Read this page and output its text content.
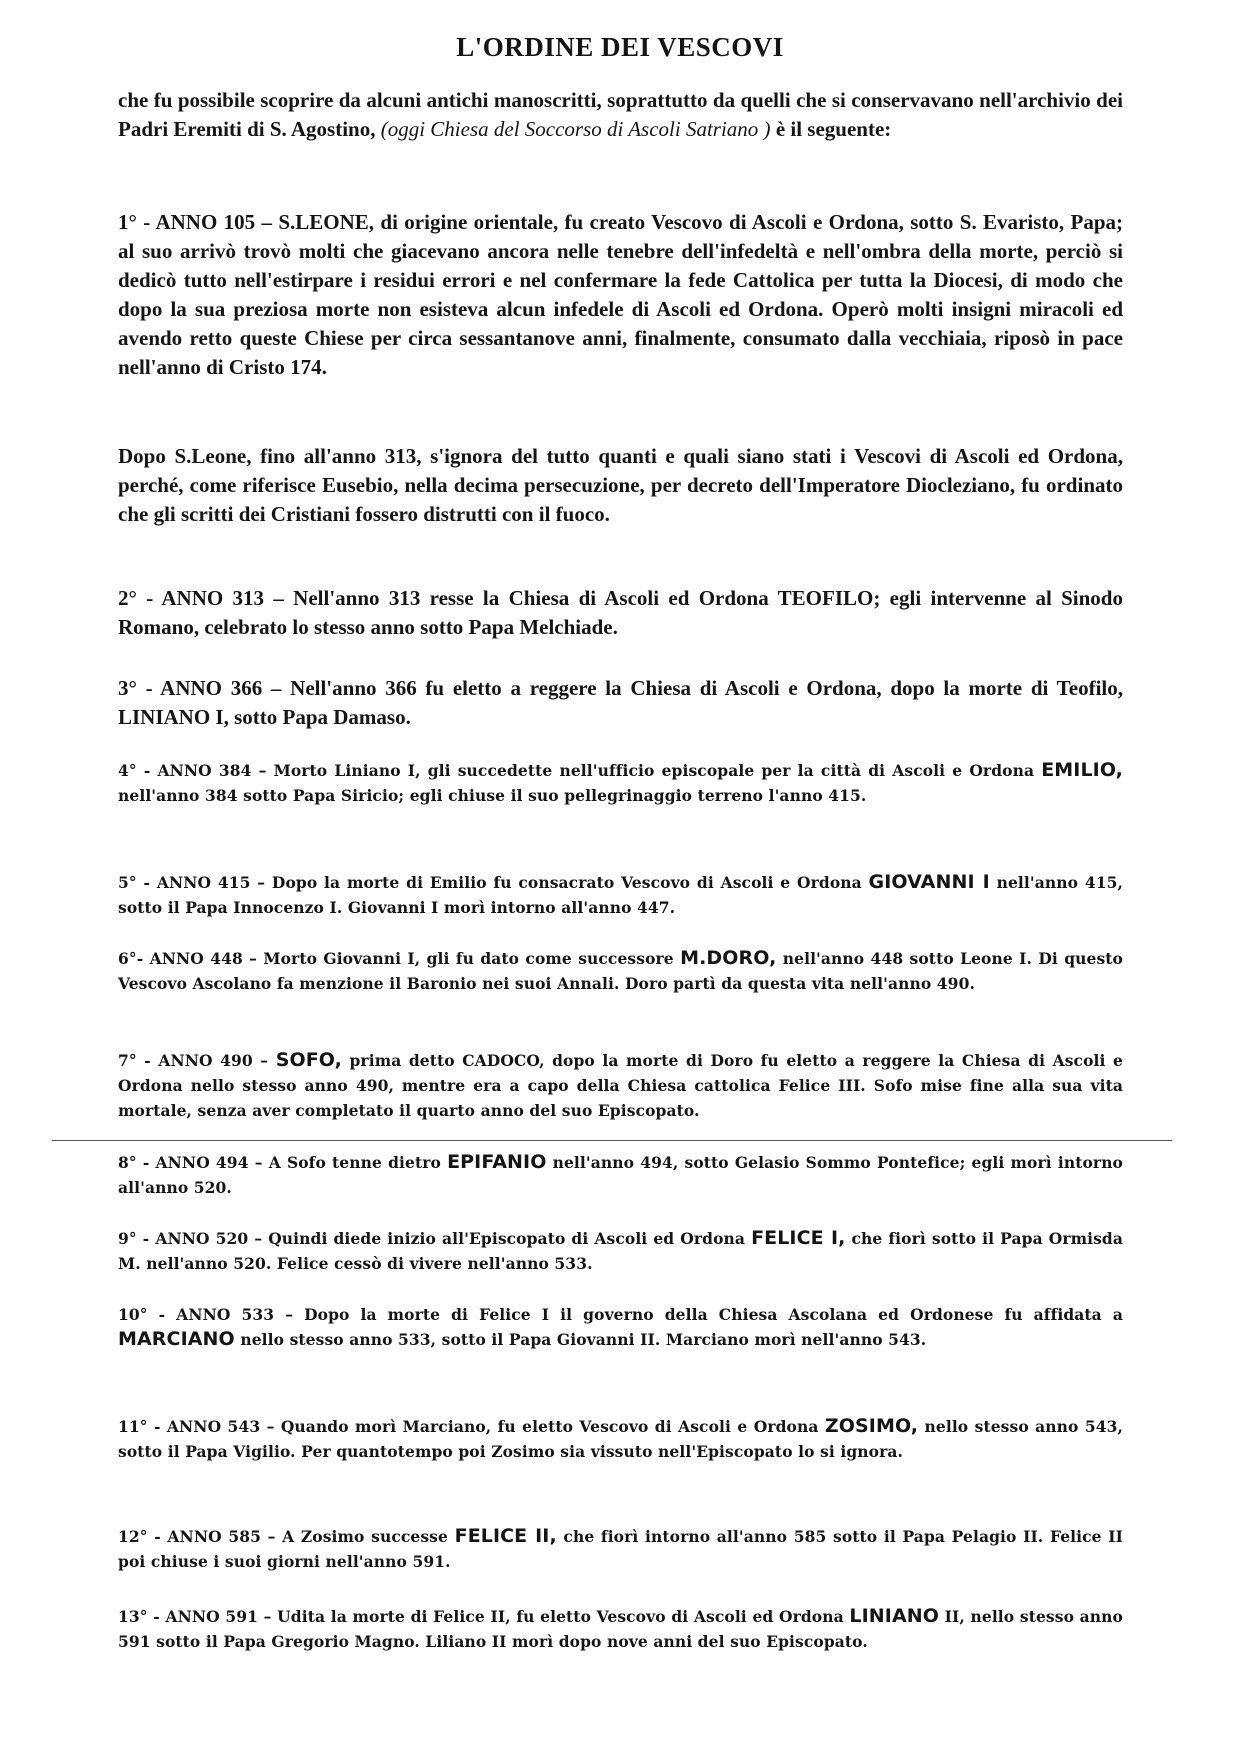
L'ORDINE DEI VESCOVI

che fu possibile scoprire da alcuni antichi manoscritti, soprattutto da quelli che si conservavano nell'archivio dei Padri Eremiti di S. Agostino, (oggi Chiesa del Soccorso di Ascoli Satriano ) è il seguente:

1° - ANNO 105 – S.LEONE, di origine orientale, fu creato Vescovo di Ascoli e Ordona, sotto S. Evaristo, Papa; al suo arrivò trovò molti che giacevano ancora nelle tenebre dell'infedeltà e nell'ombra della morte, perciò si dedicò tutto nell'estirpare i residui errori e nel confermare la fede Cattolica per tutta la Diocesi, di modo che dopo la sua preziosa morte non esisteva alcun infedele di Ascoli ed Ordona. Operò molti insigni miracoli ed avendo retto queste Chiese per circa sessantanove anni, finalmente, consumato dalla vecchiaia, riposò in pace nell'anno di Cristo 174.

Dopo S.Leone, fino all'anno 313, s'ignora del tutto quanti e quali siano stati i Vescovi di Ascoli ed Ordona, perché, come riferisce Eusebio, nella decima persecuzione, per decreto dell'Imperatore Diocleziano, fu ordinato che gli scritti dei Cristiani fossero distrutti con il fuoco.

2° - ANNO 313 – Nell'anno 313 resse la Chiesa di Ascoli ed Ordona TEOFILO; egli intervenne al Sinodo Romano, celebrato lo stesso anno sotto Papa Melchiade.

3° - ANNO 366 – Nell'anno 366 fu eletto a reggere la Chiesa di Ascoli e Ordona, dopo la morte di Teofilo, LINIANO I, sotto Papa Damaso.

4° - ANNO 384 – Morto Liniano I, gli succedette nell'ufficio episcopale per la città di Ascoli e Ordona EMILIO, nell'anno 384 sotto Papa Siricio; egli chiuse il suo pellegrinaggio terreno l'anno 415.

5° - ANNO 415 – Dopo la morte di Emilio fu consacrato Vescovo di Ascoli e Ordona GIOVANNI I nell'anno 415, sotto il Papa Innocenzo I. Giovanni I morì intorno all'anno 447.

6°- ANNO 448 – Morto Giovanni I, gli fu dato come successore M.DORO, nell'anno 448 sotto Leone I. Di questo Vescovo Ascolano fa menzione il Baronio nei suoi Annali. Doro partì da questa vita nell'anno 490.

7° - ANNO 490 – SOFO, prima detto CADOCO, dopo la morte di Doro fu eletto a reggere la Chiesa di Ascoli e Ordona nello stesso anno 490, mentre era a capo della Chiesa cattolica Felice III. Sofo mise fine alla sua vita mortale, senza aver completato il quarto anno del suo Episcopato.

8° - ANNO 494 – A Sofo tenne dietro EPIFANIO nell'anno 494, sotto Gelasio Sommo Pontefice; egli morì intorno all'anno 520.

9° - ANNO 520 – Quindi diede inizio all'Episcopato di Ascoli ed Ordona FELICE I, che fiorì sotto il Papa Ormisda M. nell'anno 520. Felice cessò di vivere nell'anno 533.

10° - ANNO 533 – Dopo la morte di Felice I il governo della Chiesa Ascolana ed Ordonese fu affidata a MARCIANO nello stesso anno 533, sotto il Papa Giovanni II. Marciano morì nell'anno 543.

11° - ANNO 543 – Quando morì Marciano, fu eletto Vescovo di Ascoli e Ordona ZOSIMO, nello stesso anno 543, sotto il Papa Vigilio. Per quantotempo poi Zosimo sia vissuto nell'Episcopato lo si ignora.

12° - ANNO 585 – A Zosimo successe FELICE II, che fiorì intorno all'anno 585 sotto il Papa Pelagio II. Felice II poi chiuse i suoi giorni nell'anno 591.

13° - ANNO 591 – Udita la morte di Felice II, fu eletto Vescovo di Ascoli ed Ordona LINIANO II, nello stesso anno 591 sotto il Papa Gregorio Magno. Liliano II morì dopo nove anni del suo Episcopato.
